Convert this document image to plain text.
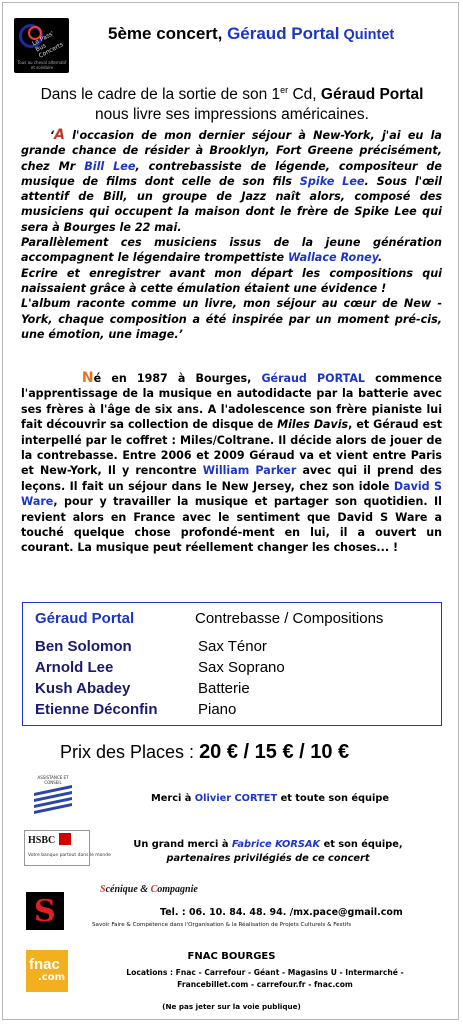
Le Pass' Bus Concerts
Tous au cheval alternatif et solidaire
5ème concert, Géraud Portal Quintet
Dans le cadre de la sortie de son 1er Cd, Géraud Portal
nous livre ses impressions américaines.

‘A l'occasion de mon dernier séjour à New-York, j'ai eu la grande chance de résider à Brooklyn, Fort Greene précisément, chez Mr Bill Lee, contrebassiste de légende, compositeur de musique de films dont celle de son fils Spike Lee. Sous l'œil attentif de Bill, un groupe de Jazz naît alors, composé des musiciens qui occupent la maison dont le frère de Spike Lee qui sera à Bourges le 22 mai.

Parallèlement ces musiciens issus de la jeune génération accompagnent le légendaire trompettiste Wallace Roney.

Ecrire et enregistrer avant mon départ les compositions qui naissaient grâce à cette émulation étaient une évidence !

L'album raconte comme un livre, mon séjour au cœur de New -York, chaque composition a été inspirée par un moment pré-cis, une émotion, une image.’

Né en 1987 à Bourges, Géraud PORTAL commence l'apprentissage de la musique en autodidacte par la batterie avec ses frères à l'âge de six ans. A l'adolescence son frère pianiste lui fait découvrir sa collection de disque de Miles Davis, et Géraud est interpellé par le coffret : Miles/Coltrane. Il décide alors de jouer de la contrebasse. Entre 2006 et 2009 Géraud va et vient entre Paris et New-York, Il y rencontre William Parker avec qui il prend des leçons. Il fait un séjour dans le New Jersey, chez son idole David S Ware, pour y travailler la musique et partager son quotidien. Il revient alors en France avec le sentiment que David S Ware a touché quelque chose profondé-ment en lui, il a ouvert un courant. La musique peut réellement changer les choses... !

Géraud Portal	Contrebasse / Compositions
Ben Solomon	Sax Ténor
Arnold Lee	Sax Soprano
Kush Abadey	Batterie
Etienne Déconfin	Piano
Prix des Places : 20 € / 15 € / 10 €
ASSISTANCE ET CONSEIL
Merci à Olivier CORTET et toute son équipe
HSBC
Votre banque partout dans le monde
Un grand merci à Fabrice KORSAK et son équipe,
partenaires privilégiés de ce concert
Scénique & Compagnie
S	Tel. : 06. 10. 84. 48. 94. /mx.pace@gmail.com
Savoir Faire & Compétence dans l'Organisation & la Réalisation de Projets Culturels & Festifs
fnac
.com
FNAC BOURGES
Locations : Fnac - Carrefour - Géant - Magasins U - Intermarché -
Francebillet.com - carrefour.fr - fnac.com
(Ne pas jeter sur la voie publique)
